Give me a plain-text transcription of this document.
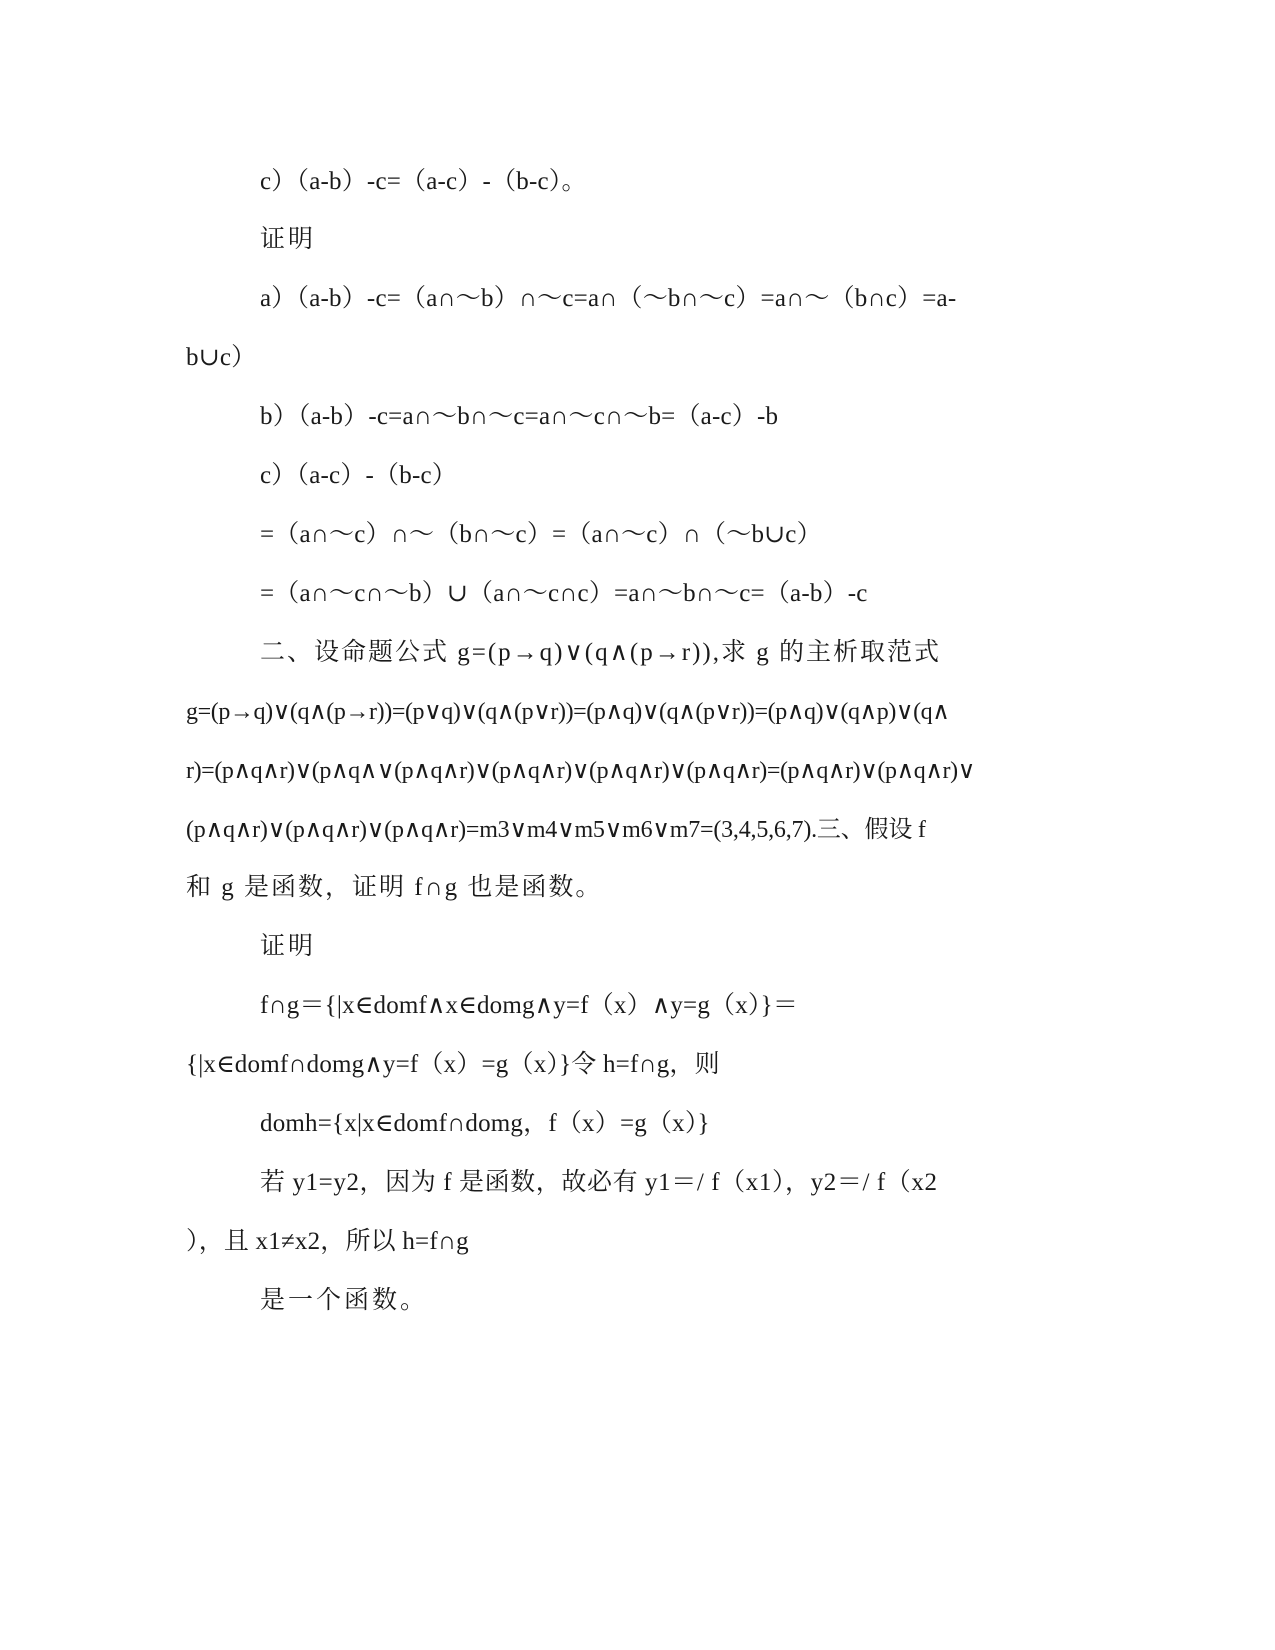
c）（a-b）-c=（a-c）-（b-c）。
证明
a）（a-b）-c=（a∩～b）∩～c=a∩（～b∩～c）=a∩～（b∩c）=a-
b∪c）
b）（a-b）-c=a∩～b∩～c=a∩～c∩～b=（a-c）-b
c）（a-c）-（b-c）
=（a∩～c）∩～（b∩～c）=（a∩～c）∩（～b∪c）
=（a∩～c∩～b）∪（a∩～c∩c）=a∩～b∩～c=（a-b）-c
二、设命题公式 g=(p→q)∨(q∧(p→r)),求 g 的主析取范式
g=(p→q)∨(q∧(p→r))=(p∨q)∨(q∧(p∨r))=(p∧q)∨(q∧(p∨r))=(p∧q)∨(q∧p)∨(q∧
r)=(p∧q∧r)∨(p∧q∧∨(p∧q∧r)∨(p∧q∧r)∨(p∧q∧r)∨(p∧q∧r)=(p∧q∧r)∨(p∧q∧r)∨
(p∧q∧r)∨(p∧q∧r)∨(p∧q∧r)=m3∨m4∨m5∨m6∨m7=(3,4,5,6,7).三、假设 f
和 g 是函数，证明 f∩g 也是函数。
证明
f∩g＝{|x∈domf∧x∈domg∧y=f（x）∧y=g（x）}＝
{|x∈domf∩domg∧y=f（x）=g（x）}令 h=f∩g，则
domh={x|x∈domf∩domg，f（x）=g（x）}
若 y1=y2，因为 f 是函数，故必有 y1＝/ f（x1），y2＝/ f（x2
），且 x1≠x2，所以 h=f∩g
是一个函数。
